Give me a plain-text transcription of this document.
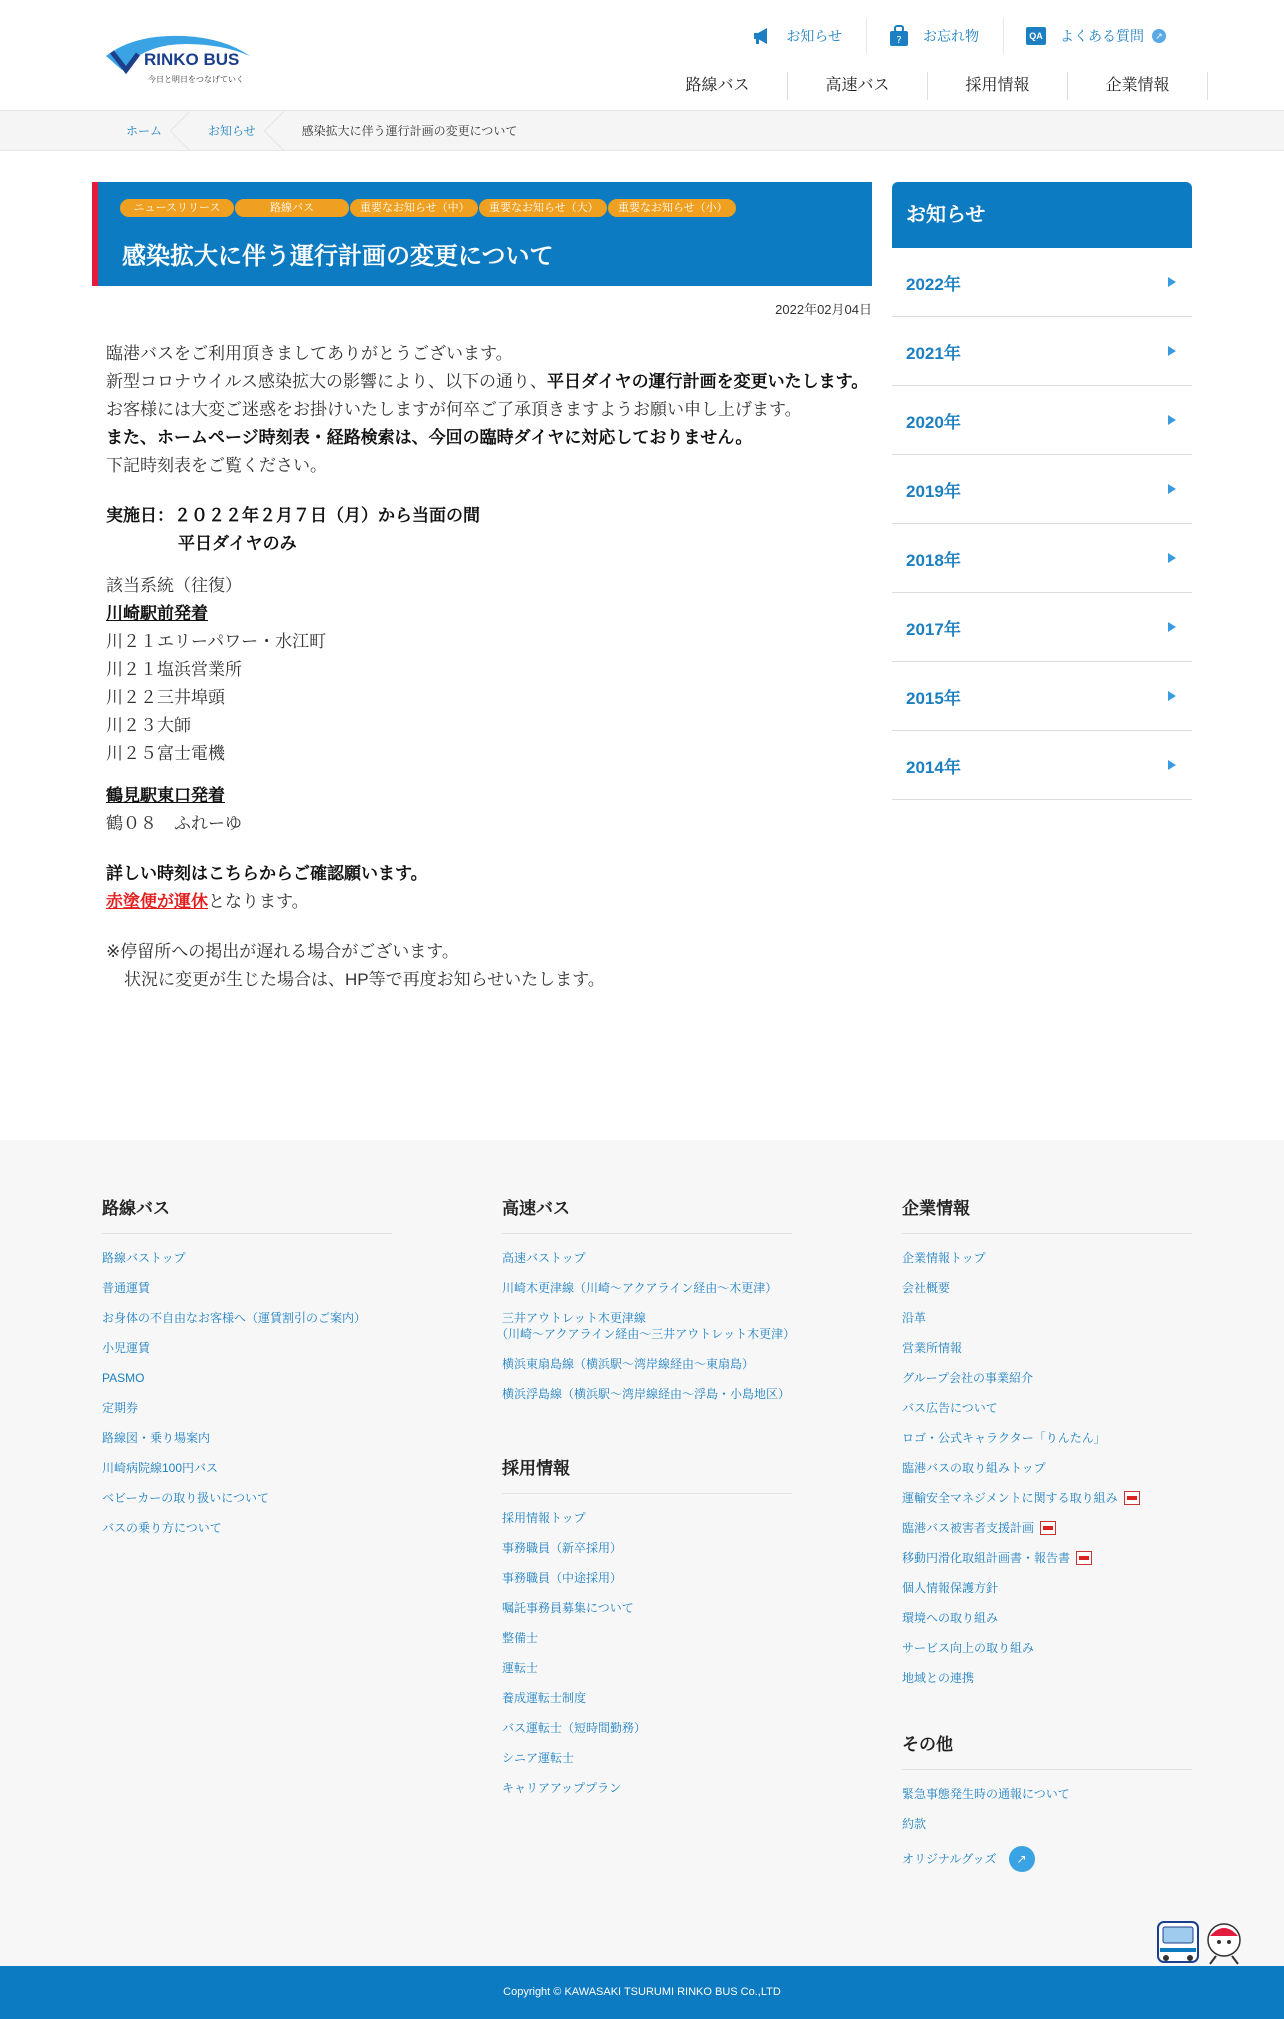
RINKO BUS
今日と明日をつなげていく
お知らせ	? お忘れ物	QA よくある質問	↗
路線バス	高速バス	採用情報	企業情報
ホーム	お知らせ	感染拡大に伴う運行計画の変更について
ニュースリリース	路線バス	重要なお知らせ（中）	重要なお知らせ（大）	重要なお知らせ（小）
感染拡大に伴う運行計画の変更について
2022年02月04日

臨港バスをご利用頂きましてありがとうございます。

新型コロナウイルス感染拡大の影響により、以下の通り、平日ダイヤの運行計画を変更いたします。

お客様には大変ご迷惑をお掛けいたしますが何卒ご了承頂きますようお願い申し上げます。

また、ホームページ時刻表・経路検索は、今回の臨時ダイヤに対応しておりません。

下記時刻表をご覧ください。

実施日：２０２２年２月７日（月）から当面の間

平日ダイヤのみ

該当系統（往復）

川崎駅前発着

川２１エリーパワー・水江町

川２１塩浜営業所

川２２三井埠頭

川２３大師

川２５富士電機

鶴見駅東口発着

鶴０８　ふれーゆ

詳しい時刻はこちらからご確認願います。

赤塗便が運休となります。

※停留所への掲出が遅れる場合がございます。

状況に変更が生じた場合は、HP等で再度お知らせいたします。

お知らせ
2022年
2021年
2020年
2019年
2018年
2017年
2015年
2014年
路線バス
路線バストップ
普通運賃
お身体の不自由なお客様へ（運賃割引のご案内）
小児運賃
PASMO
定期券
路線図・乗り場案内
川崎病院線100円バス
ベビーカーの取り扱いについて
バスの乗り方について
高速バス
高速バストップ
川崎木更津線（川崎～アクアライン経由～木更津）
三井アウトレット木更津線
（川崎～アクアライン経由～三井アウトレット木更津）
横浜東扇島線（横浜駅～湾岸線経由～東扇島）
横浜浮島線（横浜駅～湾岸線経由～浮島・小島地区）
採用情報
採用情報トップ
事務職員（新卒採用）
事務職員（中途採用）
嘱託事務員募集について
整備士
運転士
養成運転士制度
バス運転士（短時間勤務）
シニア運転士
キャリアアッププラン
企業情報
企業情報トップ
会社概要
沿革
営業所情報
グループ会社の事業紹介
バス広告について
ロゴ・公式キャラクター「りんたん」
臨港バスの取り組みトップ
運輸安全マネジメントに関する取り組み
臨港バス被害者支援計画
移動円滑化取組計画書・報告書
個人情報保護方針
環境への取り組み
サービス向上の取り組み
地域との連携
その他
緊急事態発生時の通報について
約款
オリジナルグッズ	↗
Copyright © KAWASAKI TSURUMI RINKO BUS Co.,LTD
